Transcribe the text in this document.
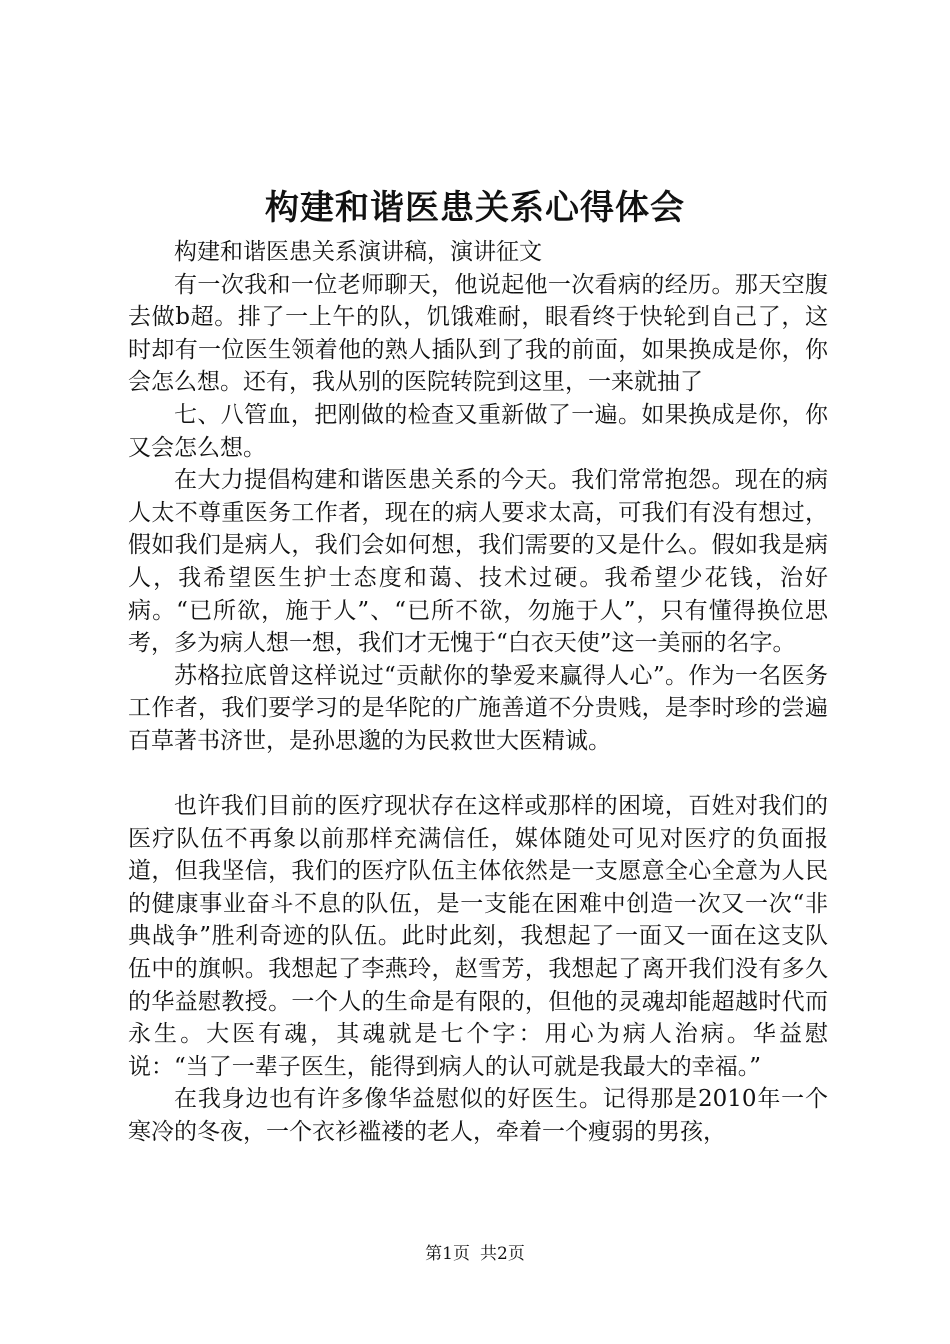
构建和谐医患关系心得体会

构建和谐医患关系演讲稿，演讲征文

有一次我和一位老师聊天，他说起他一次看病的经历。那天空腹去做b超。排了一上午的队，饥饿难耐，眼看终于快轮到自己了，这时却有一位医生领着他的熟人插队到了我的前面，如果换成是你，你会怎么想。还有，我从别的医院转院到这里，一来就抽了

七、八管血，把刚做的检查又重新做了一遍。如果换成是你，你又会怎么想。

在大力提倡构建和谐医患关系的今天。我们常常抱怨。现在的病人太不尊重医务工作者，现在的病人要求太高，可我们有没有想过，假如我们是病人，我们会如何想，我们需要的又是什么。假如我是病人，我希望医生护士态度和蔼、技术过硬。我希望少花钱，治好病。“已所欲，施于人”、“已所不欲，勿施于人”，只有懂得换位思考，多为病人想一想，我们才无愧于“白衣天使”这一美丽的名字。

苏格拉底曾这样说过“贡献你的挚爱来赢得人心”。作为一名医务工作者，我们要学习的是华陀的广施善道不分贵贱，是李时珍的尝遍百草著书济世，是孙思邈的为民救世大医精诚。

也许我们目前的医疗现状存在这样或那样的困境，百姓对我们的医疗队伍不再象以前那样充满信任，媒体随处可见对医疗的负面报道，但我坚信，我们的医疗队伍主体依然是一支愿意全心全意为人民的健康事业奋斗不息的队伍，是一支能在困难中创造一次又一次“非典战争”胜利奇迹的队伍。此时此刻，我想起了一面又一面在这支队伍中的旗帜。我想起了李燕玲，赵雪芳，我想起了离开我们没有多久的华益慰教授。一个人的生命是有限的，但他的灵魂却能超越时代而永生。大医有魂，其魂就是七个字：用心为病人治病。华益慰说：“当了一辈子医生，能得到病人的认可就是我最大的幸福。”

在我身边也有许多像华益慰似的好医生。记得那是2010年一个寒冷的冬夜，一个衣衫褴褛的老人，牵着一个瘦弱的男孩，

第1页 共2页
